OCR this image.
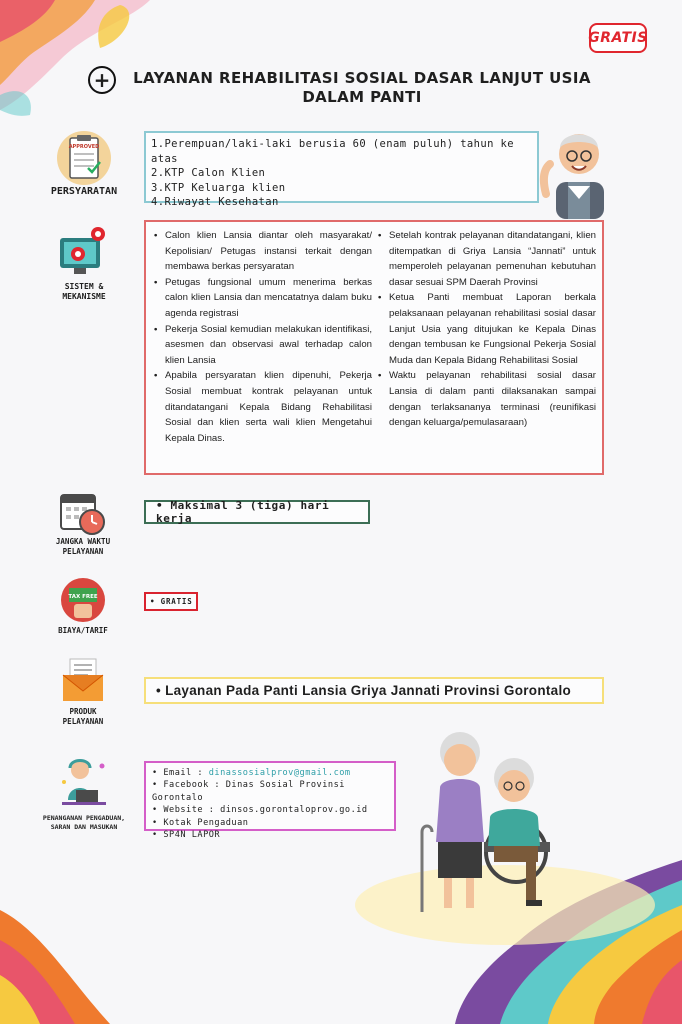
GRATIS
+	LAYANAN REHABILITASI SOSIAL DASAR LANJUT USIA DALAM PANTI
APPROVED
PERSYARATAN
1.Perempuan/laki-laki berusia 60 (enam puluh) tahun ke atas
2.KTP Calon Klien
3.KTP Keluarga klien
4.Riwayat Kesehatan
SISTEM &
MEKANISME
• Calon klien Lansia diantar oleh masyarakat/ Kepolisian/ Petugas instansi terkait dengan membawa berkas persyaratan
• Petugas fungsional umum menerima berkas calon klien Lansia dan mencatatnya dalam buku agenda registrasi
• Pekerja Sosial kemudian melakukan identifikasi, asesmen dan observasi awal terhadap calon klien Lansia
• Apabila persyaratan klien dipenuhi, Pekerja Sosial membuat kontrak pelayanan untuk ditandatangani Kepala Bidang Rehabilitasi Sosial dan klien serta wali klien Mengetahui Kepala Dinas.
• Setelah kontrak pelayanan ditandatangani, klien ditempatkan di Griya Lansia “Jannati” untuk memperoleh pelayanan pemenuhan kebutuhan dasar sesuai SPM Daerah Provinsi
• Ketua Panti membuat Laporan berkala pelaksanaan pelayanan rehabilitasi sosial dasar Lanjut Usia yang ditujukan ke Kepala Dinas dengan tembusan ke Fungsional Pekerja Sosial Muda dan Kepala Bidang Rehabilitasi Sosial
• Waktu pelayanan rehabilitasi sosial dasar Lansia di dalam panti dilaksanakan sampai dengan terlaksananya terminasi (reunifikasi dengan keluarga/pemulasaraan)
JANGKA WAKTU
PELAYANAN
• Maksimal 3 (tiga) hari kerja
TAX FREE
BIAYA/TARIF
• GRATIS
PRODUK
PELAYANAN
• Layanan Pada Panti Lansia Griya Jannati Provinsi Gorontalo
PENANGANAN PENGADUAN,
SARAN DAN MASUKAN
• Email : dinassosialprov@gmail.com
• Facebook : Dinas Sosial Provinsi Gorontalo
• Website : dinsos.gorontaloprov.go.id
• Kotak Pengaduan
• SP4N LAPOR
